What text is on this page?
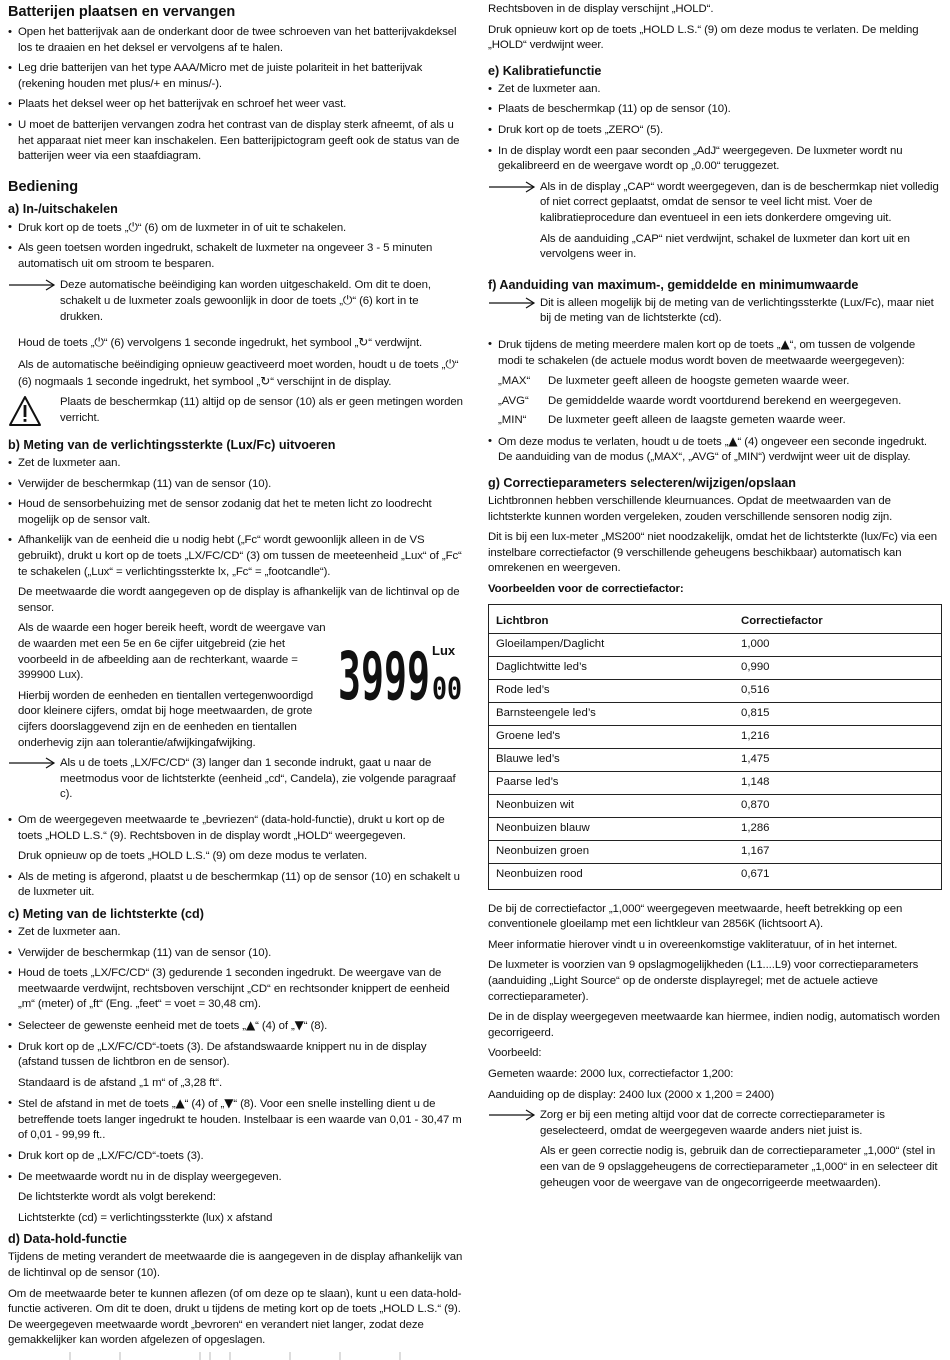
Batterijen plaatsen en vervangen
• Open het batterijvak aan de onderkant door de twee schroeven van het batterijvakdeksel los te draaien en het deksel er vervolgens af te halen.
• Leg drie batterijen van het type AAA/Micro met de juiste polariteit in het batterijvak (rekening houden met plus/+ en minus/-).
• Plaats het deksel weer op het batterijvak en schroef het weer vast.
• U moet de batterijen vervangen zodra het contrast van de display sterk afneemt, of als u het apparaat niet meer kan inschakelen. Een batterijpictogram geeft ook de status van de batterijen weer via een staafdiagram.
Bediening
a) In-/uitschakelen
• Druk kort op de toets „⏻“ (6) om de luxmeter in of uit te schakelen.
• Als geen toetsen worden ingedrukt, schakelt de luxmeter na ongeveer 3 - 5 minuten automatisch uit om stroom te besparen.

Deze automatische beëindiging kan worden uitgeschakeld. Om dit te doen, schakelt u de luxmeter zoals gewoonlijk in door de toets „⏻“ (6) kort in te drukken.

Houd de toets „⏻“ (6) vervolgens 1 seconde ingedrukt, het symbool „↻“ verdwijnt.

Als de automatische beëindiging opnieuw geactiveerd moet worden, houdt u de toets „⏻“ (6) nogmaals 1 seconde ingedrukt, het symbool „↻“ verschijnt in de display.

Plaats de beschermkap (11) altijd op de sensor (10) als er geen metingen worden verricht.

b) Meting van de verlichtingssterkte (Lux/Fc) uitvoeren
• Zet de luxmeter aan.
• Verwijder de beschermkap (11) van de sensor (10).
• Houd de sensorbehuizing met de sensor zodanig dat het te meten licht zo loodrecht mogelijk op de sensor valt.
• Afhankelijk van de eenheid die u nodig hebt („Fc“ wordt gewoonlijk alleen in de VS gebruikt), drukt u kort op de toets „LX/FC/CD“ (3) om tussen de meeteenheid „Lux“ of „Fc“ te schakelen („Lux“ = verlichtingssterkte lx, „Fc“ = „footcandle“).

De meetwaarde die wordt aangegeven op de display is afhankelijk van de lichtinval op de sensor.

Als de waarde een hoger bereik heeft, wordt de weergave van de waarden met een 5e en 6e cijfer uitgebreid (zie het voorbeeld in de afbeelding aan de rechterkant, waarde = 399900 Lux).

Hierbij worden de eenheden en tientallen vertegenwoordigd door kleinere cijfers, omdat bij hoge meetwaarden, de grote cijfers doorslaggevend zijn en de eenheden en tientallen onderhevig zijn aan tolerantie/afwijkingafwijking.

3999 Lux
00

Als u de toets „LX/FC/CD“ (3) langer dan 1 seconde indrukt, gaat u naar de meetmodus voor de lichtsterkte (eenheid „cd“, Candela), zie volgende paragraaf c).

• Om de weergegeven meetwaarde te „bevriezen“ (data-hold-functie), drukt u kort op de toets „HOLD L.S.“ (9). Rechtsboven in de display wordt „HOLD“ weergegeven.

Druk opnieuw op de toets „HOLD L.S.“ (9) om deze modus te verlaten.

• Als de meting is afgerond, plaatst u de beschermkap (11) op de sensor (10) en schakelt u de luxmeter uit.
c) Meting van de lichtsterkte (cd)
• Zet de luxmeter aan.
• Verwijder de beschermkap (11) van de sensor (10).
• Houd de toets „LX/FC/CD“ (3) gedurende 1 seconden ingedrukt. De weergave van de meetwaarde verdwijnt, rechtsboven verschijnt „CD“ en rechtsonder knippert de eenheid „m“ (meter) of „ft“ (Eng. „feet“ = voet = 30,48 cm).
• Selecteer de gewenste eenheid met de toets „▲“ (4) of „▼“ (8).
• Druk kort op de „LX/FC/CD“-toets (3). De afstandswaarde knippert nu in de display (afstand tussen de lichtbron en de sensor).

Standaard is de afstand „1 m“ of „3,28 ft“.

• Stel de afstand in met de toets „▲“ (4) of „▼“ (8). Voor een snelle instelling dient u de betreffende toets langer ingedrukt te houden. Instelbaar is een waarde van 0,01 - 30,47 m of 0,01 - 99,99 ft..
• Druk kort op de „LX/FC/CD“-toets (3).
• De meetwaarde wordt nu in de display weergegeven.

De lichtsterkte wordt als volgt berekend:

Lichtsterkte (cd) = verlichtingssterkte (lux) x afstand

d) Data-hold-functie

Tijdens de meting verandert de meetwaarde die is aangegeven in de display afhankelijk van de lichtinval op de sensor (10).

Om de meetwaarde beter te kunnen aflezen (of om deze op te slaan), kunt u een data-hold-functie activeren. Om dit te doen, drukt u tijdens de meting kort op de toets „HOLD L.S.“ (9). De weergegeven meetwaarde wordt „bevroren“ en verandert niet langer, zodat deze gemakkelijker kan worden afgelezen of opgeslagen.

Rechtsboven in de display verschijnt „HOLD“.

Druk opnieuw kort op de toets „HOLD L.S.“ (9) om deze modus te verlaten. De melding „HOLD“ verdwijnt weer.

e) Kalibratiefunctie
• Zet de luxmeter aan.
• Plaats de beschermkap (11) op de sensor (10).
• Druk kort op de toets „ZERO“ (5).
• In de display wordt een paar seconden „AdJ“ weergegeven. De luxmeter wordt nu gekalibreerd en de weergave wordt op „0.00“ teruggezet.

Als in de display „CAP“ wordt weergegeven, dan is de beschermkap niet volledig of niet correct geplaatst, omdat de sensor te veel licht mist. Voer de kalibratieprocedure dan eventueel in een iets donkerdere omgeving uit.

Als de aanduiding „CAP“ niet verdwijnt, schakel de luxmeter dan kort uit en vervolgens weer in.

f) Aanduiding van maximum-, gemiddelde en minimumwaarde

Dit is alleen mogelijk bij de meting van de verlichtingssterkte (Lux/Fc), maar niet bij de meting van de lichtsterkte (cd).

• Druk tijdens de meting meerdere malen kort op de toets „▲“, om tussen de volgende modi te schakelen (de actuele modus wordt boven de meetwaarde weergegeven):
„MAX“	De luxmeter geeft alleen de hoogste gemeten waarde weer.
„AVG“	De gemiddelde waarde wordt voortdurend berekend en weergegeven.
„MIN“	De luxmeter geeft alleen de laagste gemeten waarde weer.
• Om deze modus te verlaten, houdt u de toets „▲“ (4) ongeveer een seconde ingedrukt. De aanduiding van de modus („MAX“, „AVG“ of „MIN“) verdwijnt weer uit de display.
g) Correctieparameters selecteren/wijzigen/opslaan

Lichtbronnen hebben verschillende kleurnuances. Opdat de meetwaarden van de lichtsterkte kunnen worden vergeleken, zouden verschillende sensoren nodig zijn.

Dit is bij een lux-meter „MS200“ niet noodzakelijk, omdat het de lichtsterkte (lux/Fc) via een instelbare correctiefactor (9 verschillende geheugens beschikbaar) automatisch kan omrekenen en weergeven.

Voorbeelden voor de correctiefactor:

Lichtbron	Correctiefactor
Gloeilampen/Daglicht	1,000
Daglichtwitte led’s	0,990
Rode led’s	0,516
Barnsteengele led’s	0,815
Groene led's	1,216
Blauwe led’s	1,475
Paarse led’s	1,148
Neonbuizen wit	0,870
Neonbuizen blauw	1,286
Neonbuizen groen	1,167
Neonbuizen rood	0,671

De bij de correctiefactor „1,000“ weergegeven meetwaarde, heeft betrekking op een conventionele gloeilamp met een lichtkleur van 2856K (lichtsoort A).

Meer informatie hierover vindt u in overeenkomstige vakliteratuur, of in het internet.

De luxmeter is voorzien van 9 opslagmogelijkheden (L1....L9) voor correctieparameters (aanduiding „Light Source“ op de onderste displayregel; met de actuele actieve correctieparameter).

De in de display weergegeven meetwaarde kan hiermee, indien nodig, automatisch worden gecorrigeerd.

Voorbeeld:

Gemeten waarde: 2000 lux, correctiefactor 1,200:

Aanduiding op de display: 2400 lux (2000 x 1,200 = 2400)

Zorg er bij een meting altijd voor dat de correcte correctieparameter is geselecteerd, omdat de weergegeven waarde anders niet juist is.

Als er geen correctie nodig is, gebruik dan de correctieparameter „1,000“ (stel in een van de 9 opslaggeheugens de correctieparameter „1,000“ in en selecteer dit geheugen voor de weergave van de ongecorrigeerde meetwaarden).
